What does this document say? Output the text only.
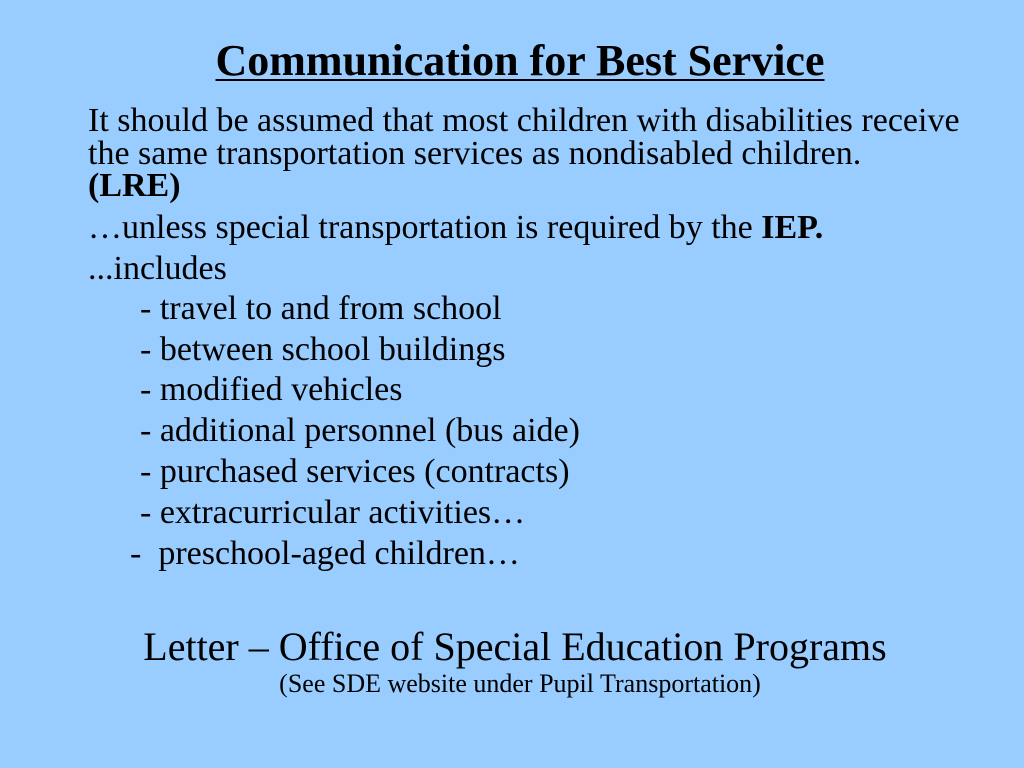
Communication for Best Service
It should be assumed that most children with disabilities receive
the same transportation services as nondisabled children.
(LRE)
…unless special transportation is required by the IEP.
...includes
- travel to and from school
- between school buildings
- modified vehicles
- additional personnel (bus aide)
- purchased services (contracts)
- extracurricular activities…
-  preschool-aged children…
Letter – Office of Special Education Programs
(See SDE website under Pupil Transportation)
